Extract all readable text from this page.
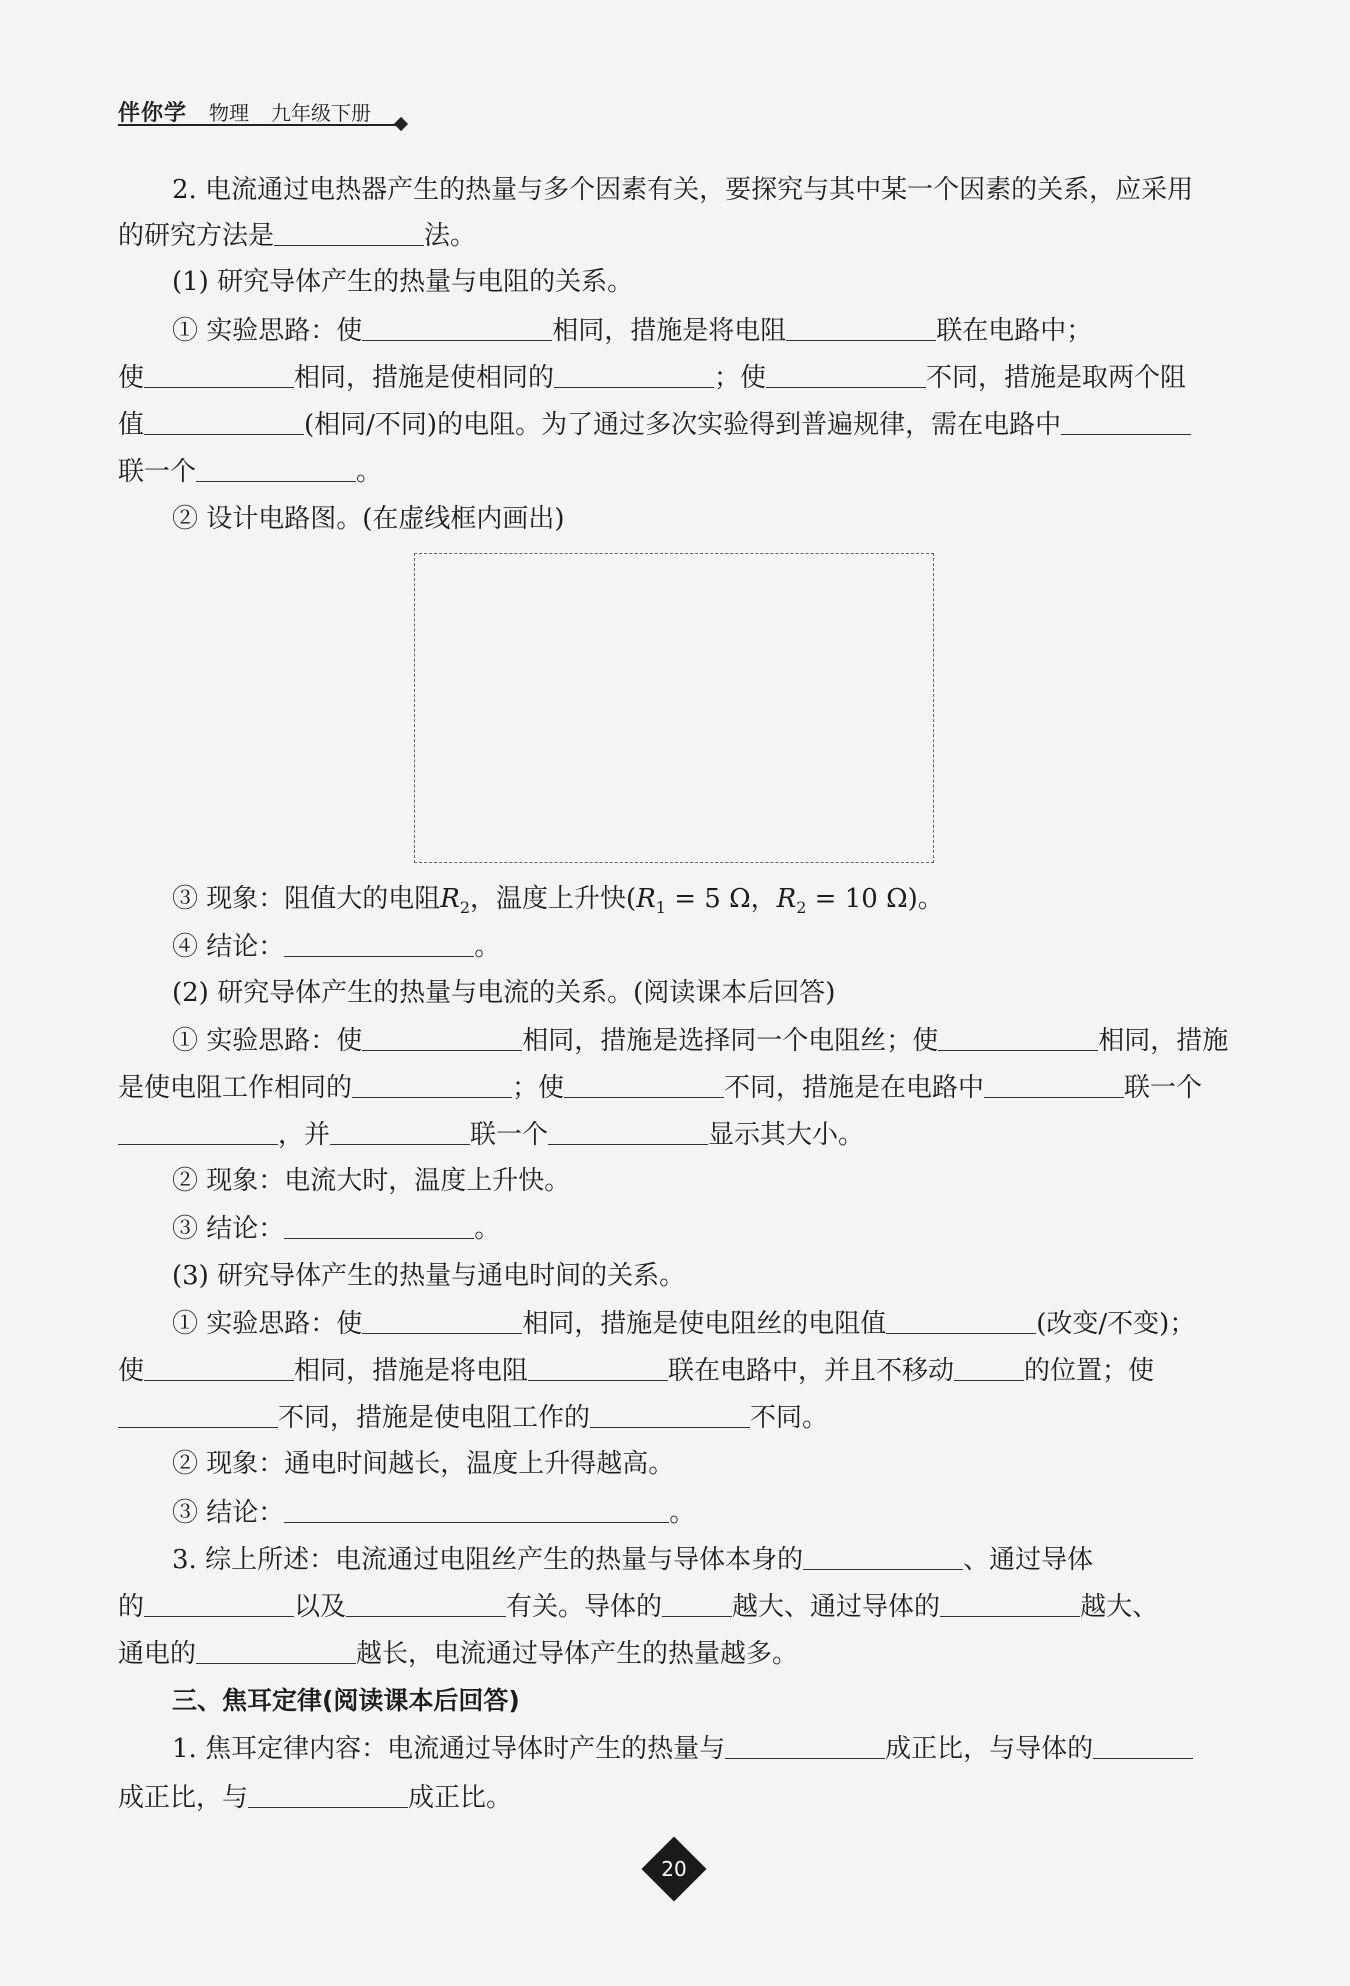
伴你学 物理 九年级下册
2. 电流通过电热器产生的热量与多个因素有关，要探究与其中某一个因素的关系，应采用
的研究方法是	法。
(1) 研究导体产生的热量与电阻的关系。
① 实验思路：使	相同，措施是将电阻	联在电路中；
使	相同，措施是使相同的	；使	不同，措施是取两个阻
值	(相同/不同)的电阻。为了通过多次实验得到普遍规律，需在电路中
联一个	。
② 设计电路图。(在虚线框内画出)
③ 现象：阻值大的电阻$R_2$，温度上升快($R_1 = 5$ Ω，$R_2 = 10$ Ω)。
④ 结论：	。
(2) 研究导体产生的热量与电流的关系。(阅读课本后回答)
① 实验思路：使	相同，措施是选择同一个电阻丝；使	相同，措施
是使电阻工作相同的	；使	不同，措施是在电路中	联一个
，并	联一个	显示其大小。
② 现象：电流大时，温度上升快。
③ 结论：	。
(3) 研究导体产生的热量与通电时间的关系。
① 实验思路：使	相同，措施是使电阻丝的电阻值	(改变/不变)；
使	相同，措施是将电阻	联在电路中，并且不移动	的位置；使
不同，措施是使电阻工作的	不同。
② 现象：通电时间越长，温度上升得越高。
③ 结论：	。
3. 综上所述：电流通过电阻丝产生的热量与导体本身的	、通过导体
的	以及	有关。导体的	越大、通过导体的	越大、
通电的	越长，电流通过导体产生的热量越多。
三、焦耳定律(阅读课本后回答)
1. 焦耳定律内容：电流通过导体时产生的热量与	成正比，与导体的
成正比，与	成正比。
20
